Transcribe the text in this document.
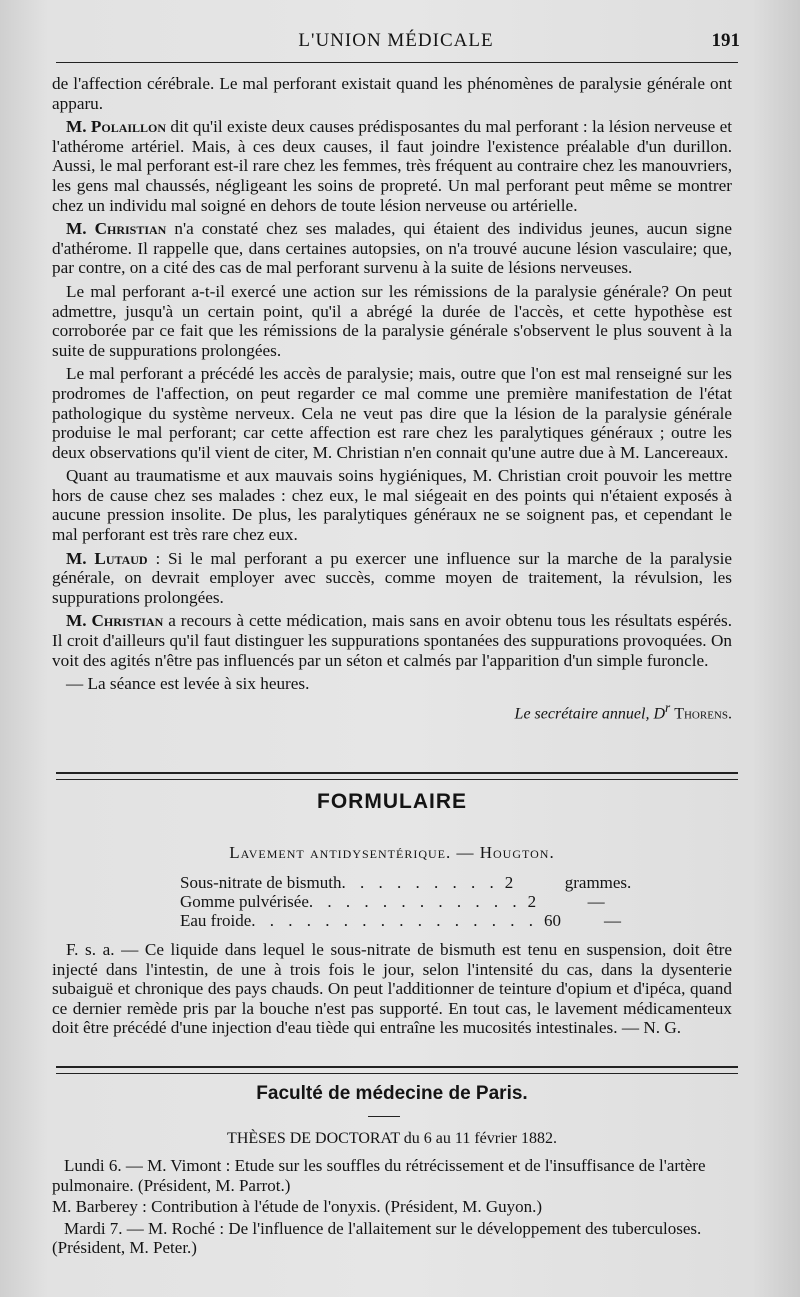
L'UNION MÉDICALE	191

de l'affection cérébrale. Le mal perforant existait quand les phénomènes de paralysie générale ont apparu.

M. Polaillon dit qu'il existe deux causes prédisposantes du mal perforant : la lésion nerveuse et l'athérome artériel. Mais, à ces deux causes, il faut joindre l'existence préalable d'un durillon. Aussi, le mal perforant est-il rare chez les femmes, très fréquent au contraire chez les manouvriers, les gens mal chaussés, négligeant les soins de propreté. Un mal perforant peut même se montrer chez un individu mal soigné en dehors de toute lésion nerveuse ou artérielle.

M. Christian n'a constaté chez ses malades, qui étaient des individus jeunes, aucun signe d'athérome. Il rappelle que, dans certaines autopsies, on n'a trouvé aucune lésion vasculaire; que, par contre, on a cité des cas de mal perforant survenu à la suite de lésions nerveuses.

Le mal perforant a-t-il exercé une action sur les rémissions de la paralysie générale? On peut admettre, jusqu'à un certain point, qu'il a abrégé la durée de l'accès, et cette hypothèse est corroborée par ce fait que les rémissions de la paralysie générale s'observent le plus souvent à la suite de suppurations prolongées.

Le mal perforant a précédé les accès de paralysie; mais, outre que l'on est mal renseigné sur les prodromes de l'affection, on peut regarder ce mal comme une première manifestation de l'état pathologique du système nerveux. Cela ne veut pas dire que la lésion de la paralysie générale produise le mal perforant; car cette affection est rare chez les paralytiques généraux ; outre les deux observations qu'il vient de citer, M. Christian n'en connait qu'une autre due à M. Lancereaux.

Quant au traumatisme et aux mauvais soins hygiéniques, M. Christian croit pouvoir les mettre hors de cause chez ses malades : chez eux, le mal siégeait en des points qui n'étaient exposés à aucune pression insolite. De plus, les paralytiques généraux ne se soignent pas, et cependant le mal perforant est très rare chez eux.

M. Lutaud : Si le mal perforant a pu exercer une influence sur la marche de la paralysie générale, on devrait employer avec succès, comme moyen de traitement, la révulsion, les suppurations prolongées.

M. Christian a recours à cette médication, mais sans en avoir obtenu tous les résultats espérés. Il croit d'ailleurs qu'il faut distinguer les suppurations spontanées des suppurations provoquées. On voit des agités n'être pas influencés par un séton et calmés par l'apparition d'un simple furoncle.

— La séance est levée à six heures.

Le secrétaire annuel, $D^r$ Thorens.
FORMULAIRE
Lavement antidysentérique. — Hougton.
Sous-nitrate de bismuth . . . . . . . . . 2	grammes.
Gomme pulvérisée . . . . . . . . . . . . 2	—
Eau froide . . . . . . . . . . . . . . . . 60	—

F. s. a. — Ce liquide dans lequel le sous-nitrate de bismuth est tenu en suspension, doit être injecté dans l'intestin, de une à trois fois le jour, selon l'intensité du cas, dans la dysenterie subaiguë et chronique des pays chauds. On peut l'additionner de teinture d'opium et d'ipéca, quand ce dernier remède pris par la bouche n'est pas supporté. En tout cas, le lavement médicamenteux doit être précédé d'une injection d'eau tiède qui entraîne les mucosités intestinales. — N. G.

Faculté de médecine de Paris.
THÈSES DE DOCTORAT du 6 au 11 février 1882.

Lundi 6. — M. Vimont : Etude sur les souffles du rétrécissement et de l'insuffisance de l'artère pulmonaire. (Président, M. Parrot.)

M. Barberey : Contribution à l'étude de l'onyxis. (Président, M. Guyon.)

Mardi 7. — M. Roché : De l'influence de l'allaitement sur le développement des tuberculoses. (Président, M. Peter.)
